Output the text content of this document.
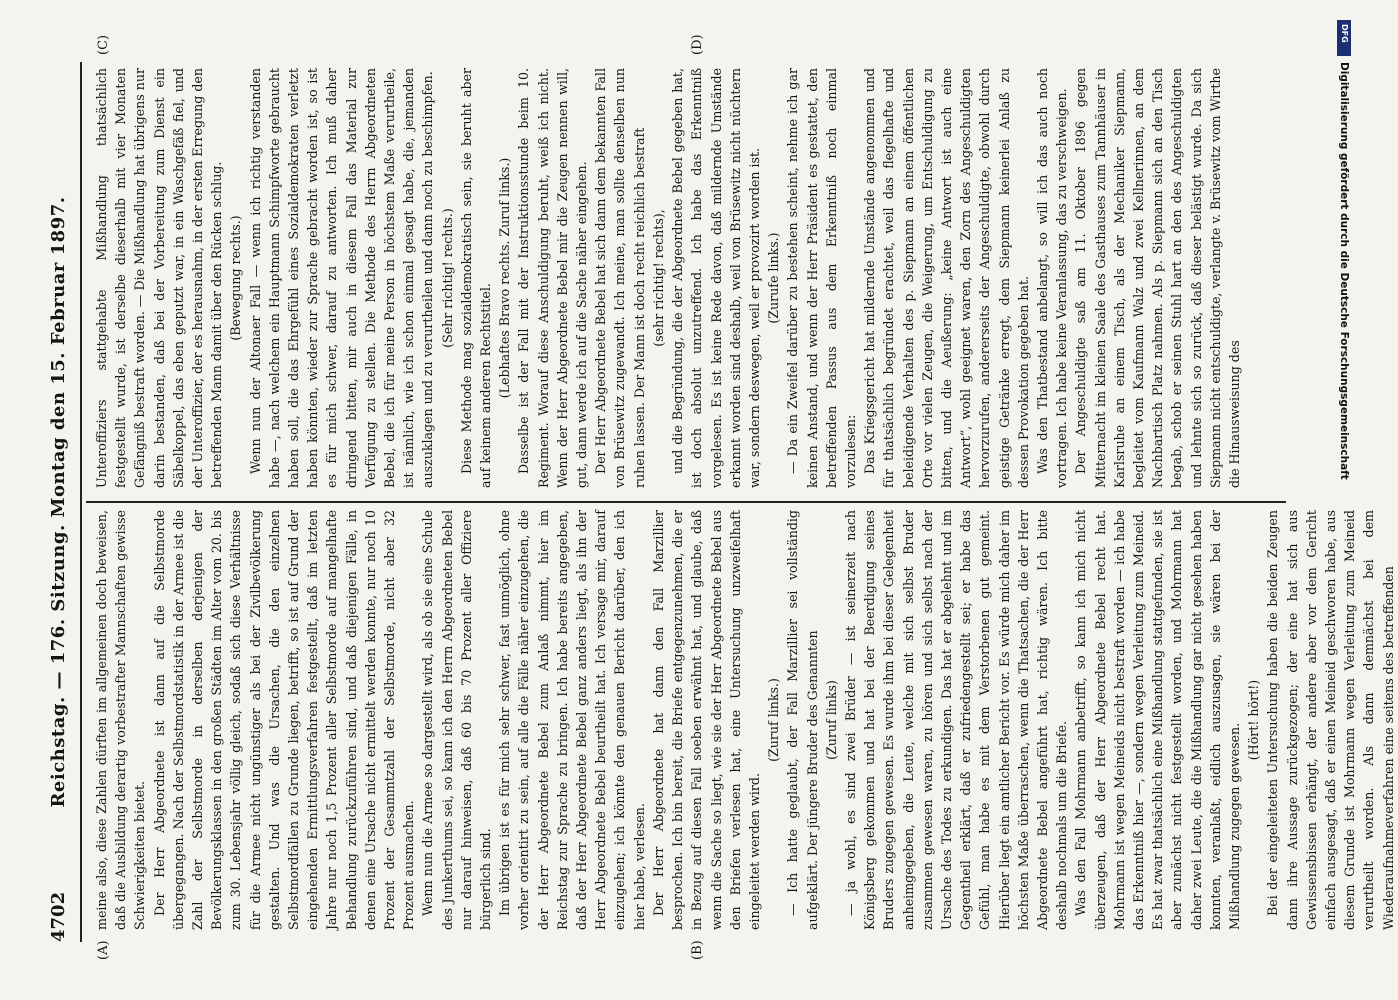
4702
Reichstag. — 176. Sitzung. Montag den 15. Februar 1897.
(A)	(B)
(C)	(D)

meine also, diese Zahlen dürften im allgemeinen doch beweisen, daß die Ausbildung derartig vorbestrafter Mannschaften gewisse Schwierigkeiten bietet. Der Herr Abgeordnete ist dann auf die Selbstmorde übergegangen. Nach der Selbstmordstatistik in der Armee ist die Zahl der Selbstmorde in derselben derjenigen der Bevölkerungsklassen in den großen Städten im Alter vom 20. bis zum 30. Lebensjahr völlig gleich, sodaß sich diese Verhältnisse für die Armee nicht ungünstiger als bei der Zivilbevölkerung gestalten. Und was die Ursachen, die den einzelnen Selbstmordfällen zu Grunde liegen, betrifft, so ist auf Grund der eingehenden Ermittlungsverfahren festgestellt, daß im letzten Jahre nur noch 1,5 Prozent aller Selbstmorde auf mangelhafte Behandlung zurückzuführen sind, und daß diejenigen Fälle, in denen eine Ursache nicht ermittelt werden konnte, nur noch 10 Prozent der Gesammtzahl der Selbstmorde, nicht aber 32 Prozent ausmachen. Wenn nun die Armee so dargestellt wird, als ob sie eine Schule des Junkerthums sei, so kann ich den Herrn Abgeordneten Bebel nur darauf hinweisen, daß 60 bis 70 Prozent aller Offiziere bürgerlich sind. Im übrigen ist es für mich sehr schwer, fast unmöglich, ohne vorher orientirt zu sein, auf alle die Fälle näher einzugehen, die der Herr Abgeordnete Bebel zum Anlaß nimmt, hier im Reichstag zur Sprache zu bringen. Ich habe bereits angegeben, daß der Herr Abgeordnete Bebel ganz anders liegt, als ihn der Herr Abgeordnete Bebel beurtheilt hat. Ich versage mir, darauf einzugehen; ich könnte den genauen Bericht darüber, den ich hier habe, verlesen. Der Herr Abgeordnete hat dann den Fall Marzillier besprochen. Ich bin bereit, die Briefe entgegenzunehmen, die er in Bezug auf diesen Fall soeben erwähnt hat, und glaube, daß wenn die Sache so liegt, wie sie der Herr Abgeordnete Bebel aus den Briefen verlesen hat, eine Untersuchung unzweifelhaft eingeleitet werden wird.

(Zuruf links.) — Ich hatte geglaubt, der Fall Marzillier sei vollständig aufgeklärt. Der jüngere Bruder des Genannten (Zuruf links) — ja wohl, es sind zwei Brüder — ist seinerzeit nach Königsberg gekommen und hat bei der Beerdigung seines Bruders zugegen gewesen. Es wurde ihm bei dieser Gelegenheit anheimgegeben, die Leute, welche mit sich selbst Bruder zusammen gewesen waren, zu hören und sich selbst nach der Ursache des Todes zu erkundigen. Das hat er abgelehnt und im Gegentheil erklärt, daß er zufriedengestellt sei; er habe das Gefühl, man habe es mit dem Verstorbenen gut gemeint. Hierüber liegt ein amtlicher Bericht vor. Es würde mich daher im höchsten Maße überraschen, wenn die Thatsachen, die der Herr Abgeordnete Bebel angeführt hat, richtig wären. Ich bitte deshalb nochmals um die Briefe. Was den Fall Mohrmann anbetrifft, so kann ich mich nicht überzeugen, daß der Herr Abgeordnete Bebel recht hat. Mohrmann ist wegen Meineids nicht bestraft worden — ich habe das Erkenntniß hier —, sondern wegen Verleitung zum Meineid. Es hat zwar thatsächlich eine Mißhandlung stattgefunden, sie ist aber zunächst nicht festgestellt worden, und Mohrmann hat daher zwei Leute, die die Mißhandlung gar nicht gesehen haben konnten, veranlaßt, eidlich auszusagen, sie wären bei der Mißhandlung zugegen gewesen.

(Hört! hört!) Bei der eingeleiteten Untersuchung haben die beiden Zeugen dann ihre Aussage zurückgezogen; der eine hat sich aus Gewissensbissen erhängt, der andere aber vor dem Gericht einfach ausgesagt, daß er einen Meineid geschworen habe, aus diesem Grunde ist Mohrmann wegen Verleitung zum Meineid verurtheilt worden. Als dann demnächst bei dem Wiederaufnahmeverfahren eine seitens des betreffenden

Unteroffiziers stattgehabte Mißhandlung thatsächlich festgestellt wurde, ist derselbe dieserhalb mit vier Monaten Gefängniß bestraft worden. — Die Mißhandlung hat übrigens nur darin bestanden, daß bei der Vorbereitung zum Dienst ein Säbelkoppel, das eben geputzt war, in ein Waschgefäß fiel, und der Unteroffizier, der es herausnahm, in der ersten Erregung den betreffenden Mann damit über den Rücken schlug. (Bewegung rechts.) Wenn nun der Altonaer Fall — wenn ich richtig verstanden habe —, nach welchem ein Hauptmann Schimpfworte gebraucht haben soll, die das Ehrgefühl eines Sozialdemokraten verletzt haben könnten, wieder zur Sprache gebracht worden ist, so ist es für mich schwer, darauf zu antworten. Ich muß daher dringend bitten, mir auch in diesem Fall das Material zur Verfügung zu stellen. Die Methode des Herrn Abgeordneten Bebel, die ich für meine Person in höchstem Maße verurtheile, ist nämlich, wie ich schon einmal gesagt habe, die, jemanden auszuklagen und zu verurtheilen und dann noch zu beschimpfen. (Sehr richtig! rechts.) Diese Methode mag sozialdemokratisch sein, sie beruht aber auf keinem anderen Rechtstitel. (Lebhaftes Bravo rechts. Zuruf links.) Dasselbe ist der Fall mit der Instruktionsstunde beim 10. Regiment. Worauf diese Anschuldigung beruht, weiß ich nicht. Wenn der Herr Abgeordnete Bebel mir die Zeugen nennen will, gut, dann werde ich auf die Sache näher eingehen. Der Herr Abgeordnete Bebel hat sich dann dem bekannten Fall von Brüsewitz zugewandt. Ich meine, man sollte denselben nun ruhen lassen. Der Mann ist doch recht reichlich bestraft (sehr richtig! rechts), und die Begründung, die der Abgeordnete Bebel gegeben hat, ist doch absolut unzutreffend. Ich habe das Erkenntniß vorgelesen. Es ist keine Rede davon, daß mildernde Umstände erkannt worden sind deshalb, weil von Brüsewitz nicht nüchtern war, sondern deswegen, weil er provozirt worden ist. (Zurufe links.) — Da ein Zweifel darüber zu bestehen scheint, nehme ich gar keinen Anstand, und wenn der Herr Präsident es gestattet, den betreffenden Passus aus dem Erkenntniß noch einmal vorzulesen: Das Kriegsgericht hat mildernde Umstände angenommen und für thatsächlich begründet erachtet, weil das flegelhafte und beleidigende Verhalten des p. Siepmann an einem öffentlichen Orte vor vielen Zeugen, die Weigerung, um Entschuldigung zu bitten, und die Aeußerung: „keine Antwort ist auch eine Antwort“, wohl geeignet waren, den Zorn des Angeschuldigten hervorzurufen, andererseits der Angeschuldigte, obwohl durch geistige Getränke erregt, dem Siepmann keinerlei Anlaß zu dessen Provokation gegeben hat. Was den Thatbestand anbelangt, so will ich das auch noch vortragen. Ich habe keine Veranlassung, das zu verschweigen. Der Angeschuldigte saß am 11. Oktober 1896 gegen Mitternacht im kleinen Saale des Gasthauses zum Tannhäuser in Karlsruhe an einem Tisch, als der Mechaniker Siepmann, begleitet vom Kaufmann Walz und zwei Kellnerinnen, an dem Nachbartisch Platz nahmen. Als p. Siepmann sich an den Tisch begab, schob er seinen Stuhl hart an den des Angeschuldigten und lehnte sich so zurück, daß dieser belästigt wurde. Da sich Siepmann nicht entschuldigte, verlangte v. Brüsewitz vom Wirthe die Hinausweisung des

DFG
Digitalisierung gefördert durch die Deutsche Forschungsgemeinschaft
